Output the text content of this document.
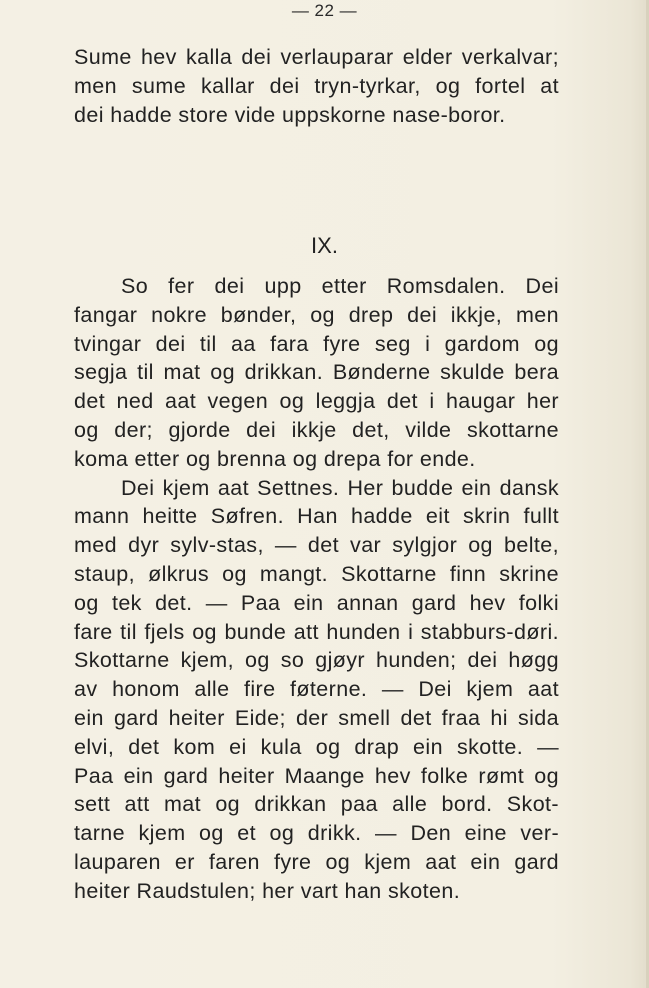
— 22 —
Sume hev kalla dei verlauparar elder verkalvar;
men sume kallar dei tryn-tyrkar, og fortel at
dei hadde store vide uppskorne nase-boror.
IX.
So fer dei upp etter Romsdalen. Dei
fangar nokre bønder, og drep dei ikkje, men
tvingar dei til aa fara fyre seg i gardom og
segja til mat og drikkan. Bønderne skulde bera
det ned aat vegen og leggja det i haugar her
og der; gjorde dei ikkje det, vilde skottarne
koma etter og brenna og drepa for ende.
Dei kjem aat Settnes. Her budde ein dansk
mann heitte Søfren. Han hadde eit skrin fullt
med dyr sylv-stas, — det var sylgjor og belte,
staup, ølkrus og mangt. Skottarne finn skrine
og tek det. — Paa ein annan gard hev folki
fare til fjels og bunde att hunden i stabburs-døri.
Skottarne kjem, og so gjøyr hunden; dei høgg
av honom alle fire føterne. — Dei kjem aat
ein gard heiter Eide; der smell det fraa hi sida
elvi, det kom ei kula og drap ein skotte. —
Paa ein gard heiter Maange hev folke rømt og
sett att mat og drikkan paa alle bord. Skot-
tarne kjem og et og drikk. — Den eine ver-
lauparen er faren fyre og kjem aat ein gard
heiter Raudstulen; her vart han skoten.
